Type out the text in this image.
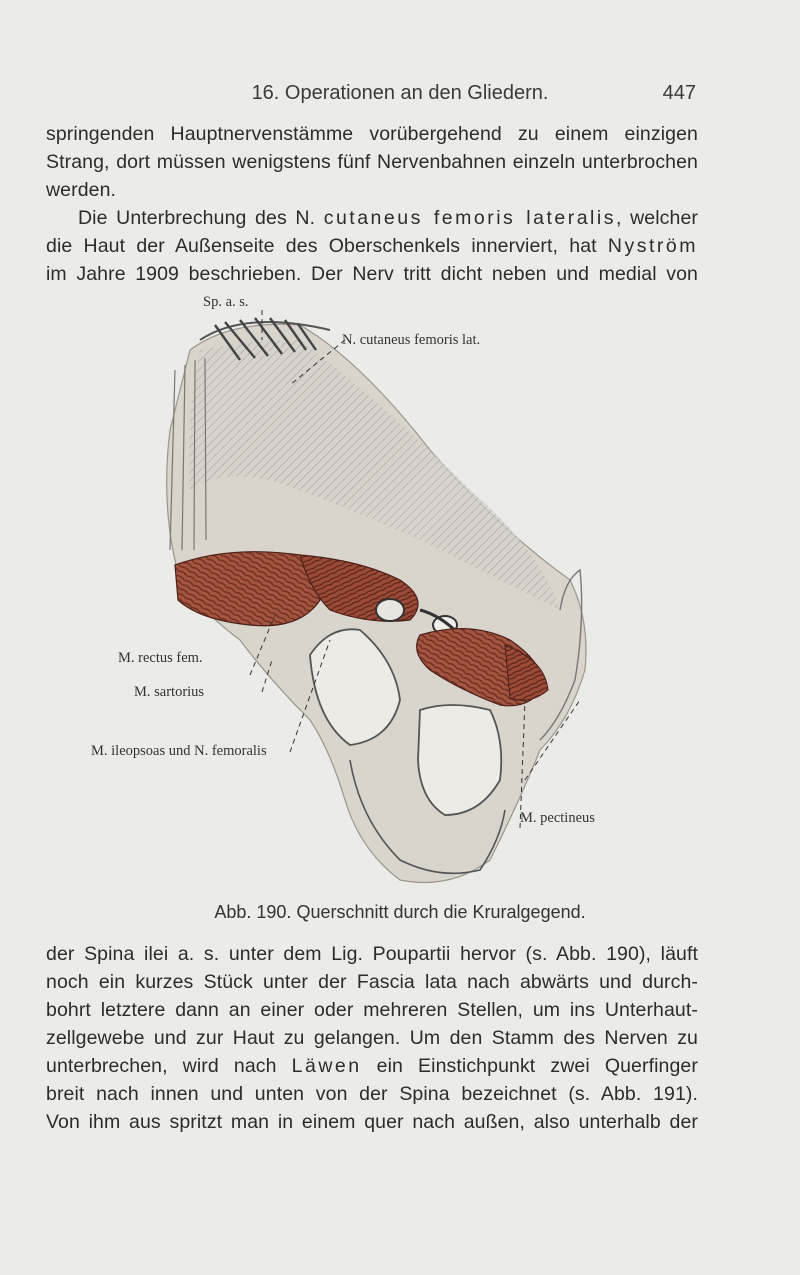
16. Operationen an den Gliedern.	447
springenden Hauptnervenstämme vorübergehend zu einem einzigen
Strang, dort müssen wenigstens fünf Nervenbahnen einzeln unterbrochen
werden.
Die Unterbrechung des N. cutaneus femoris lateralis, welcher
die Haut der Außenseite des Oberschenkels innerviert, hat Nyström
im Jahre 1909 beschrieben. Der Nerv tritt dicht neben und medial von
Sp. a. s.
N. cutaneus femoris lat.
M. rectus fem.
M. sartorius
M. ileopsoas und N. femoralis
M. pectineus
Abb. 190. Querschnitt durch die Kruralgegend.
der Spina ilei a. s. unter dem Lig. Poupartii hervor (s. Abb. 190), läuft
noch ein kurzes Stück unter der Fascia lata nach abwärts und durch-
bohrt letztere dann an einer oder mehreren Stellen, um ins Unterhaut-
zellgewebe und zur Haut zu gelangen. Um den Stamm des Nerven zu
unterbrechen, wird nach Läwen ein Einstichpunkt zwei Querfinger
breit nach innen und unten von der Spina bezeichnet (s. Abb. 191).
Von ihm aus spritzt man in einem quer nach außen, also unterhalb der
